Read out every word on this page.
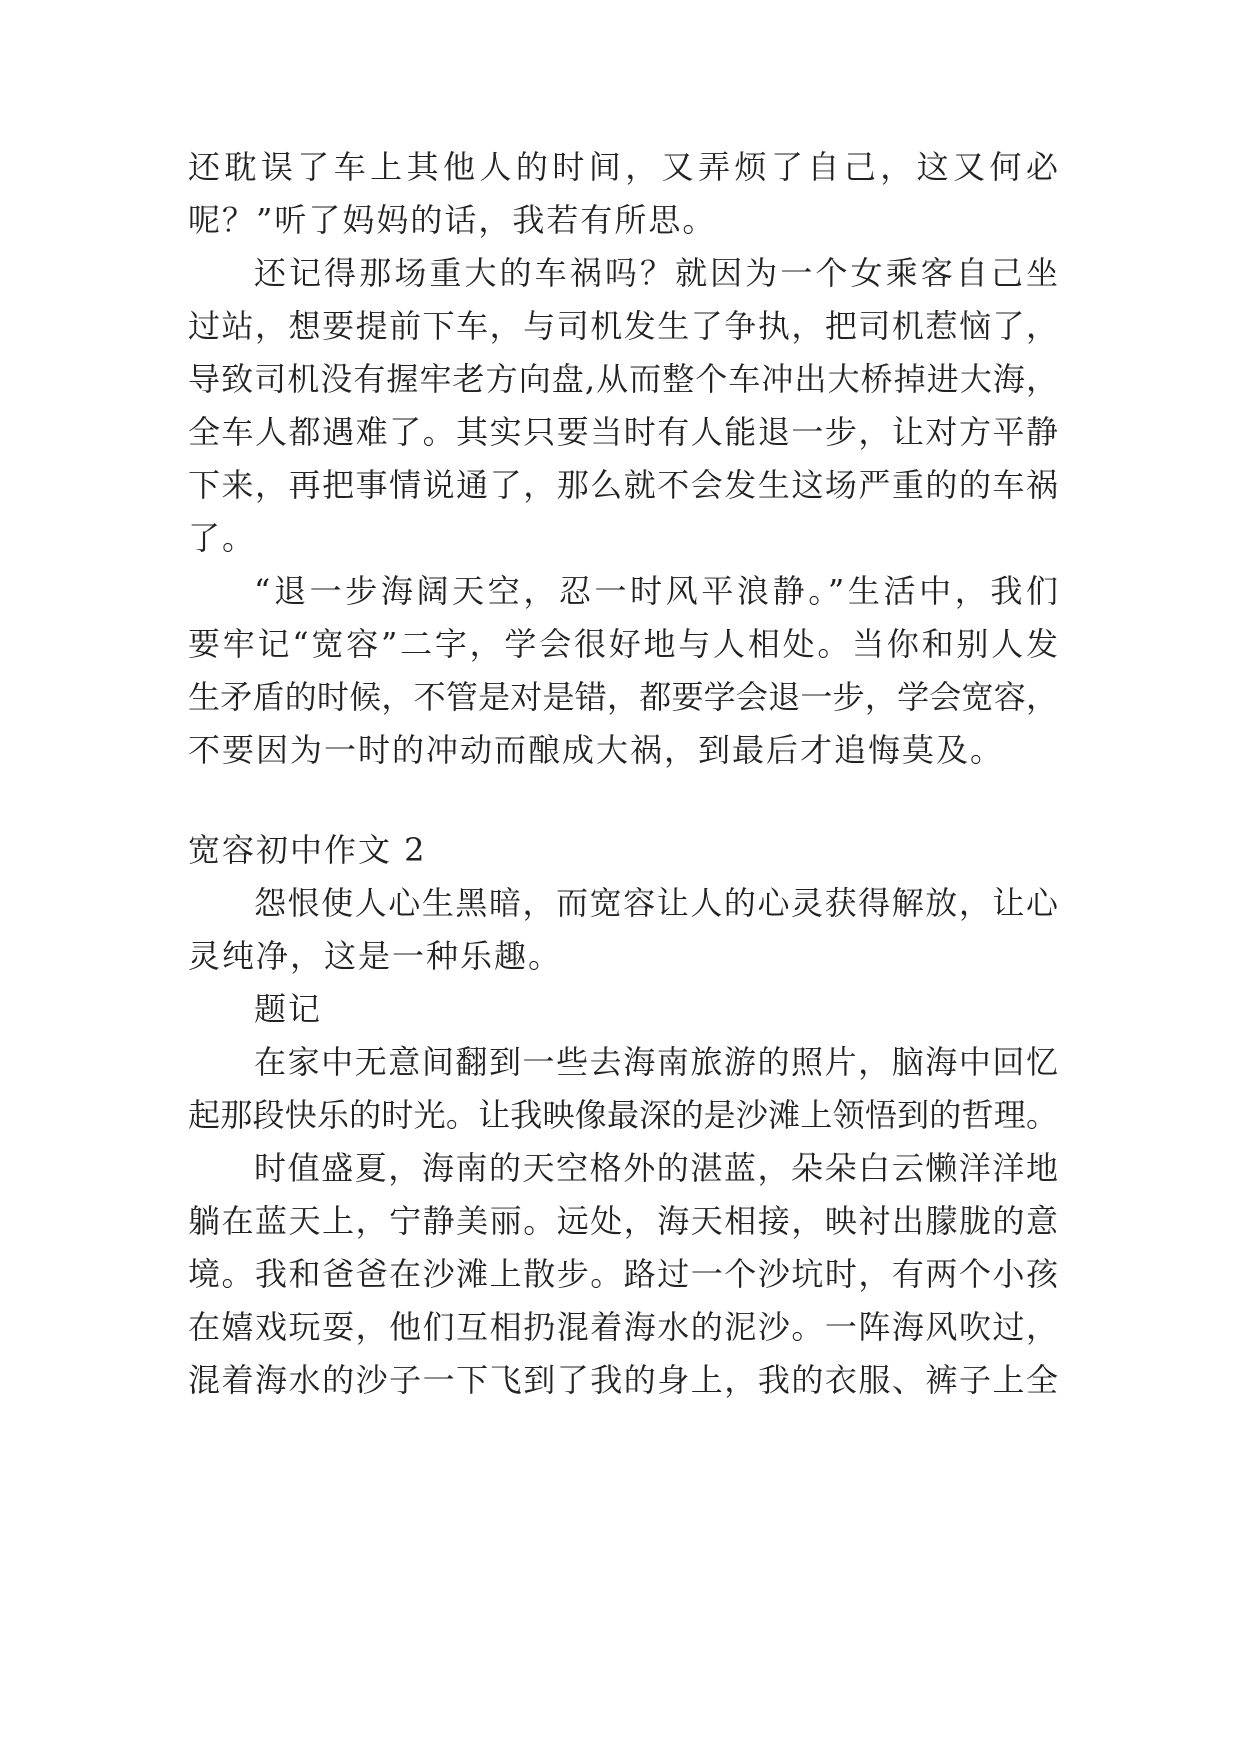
还耽误了车上其他人的时间，又弄烦了自己，这又何必
呢？”听了妈妈的话，我若有所思。
还记得那场重大的车祸吗？就因为一个女乘客自己坐
过站，想要提前下车，与司机发生了争执，把司机惹恼了，
导致司机没有握牢老方向盘,从而整个车冲出大桥掉进大海，
全车人都遇难了。其实只要当时有人能退一步，让对方平静
下来，再把事情说通了，那么就不会发生这场严重的的车祸
了。
“退一步海阔天空，忍一时风平浪静。”生活中，我们
要牢记“宽容”二字，学会很好地与人相处。当你和别人发
生矛盾的时候，不管是对是错，都要学会退一步，学会宽容，
不要因为一时的冲动而酿成大祸，到最后才追悔莫及。
宽容初中作文 2
怨恨使人心生黑暗，而宽容让人的心灵获得解放，让心
灵纯净，这是一种乐趣。
题记
在家中无意间翻到一些去海南旅游的照片，脑海中回忆
起那段快乐的时光。让我映像最深的是沙滩上领悟到的哲理。
时值盛夏，海南的天空格外的湛蓝，朵朵白云懒洋洋地
躺在蓝天上，宁静美丽。远处，海天相接，映衬出朦胧的意
境。我和爸爸在沙滩上散步。路过一个沙坑时，有两个小孩
在嬉戏玩耍，他们互相扔混着海水的泥沙。一阵海风吹过，
混着海水的沙子一下飞到了我的身上，我的衣服、裤子上全
